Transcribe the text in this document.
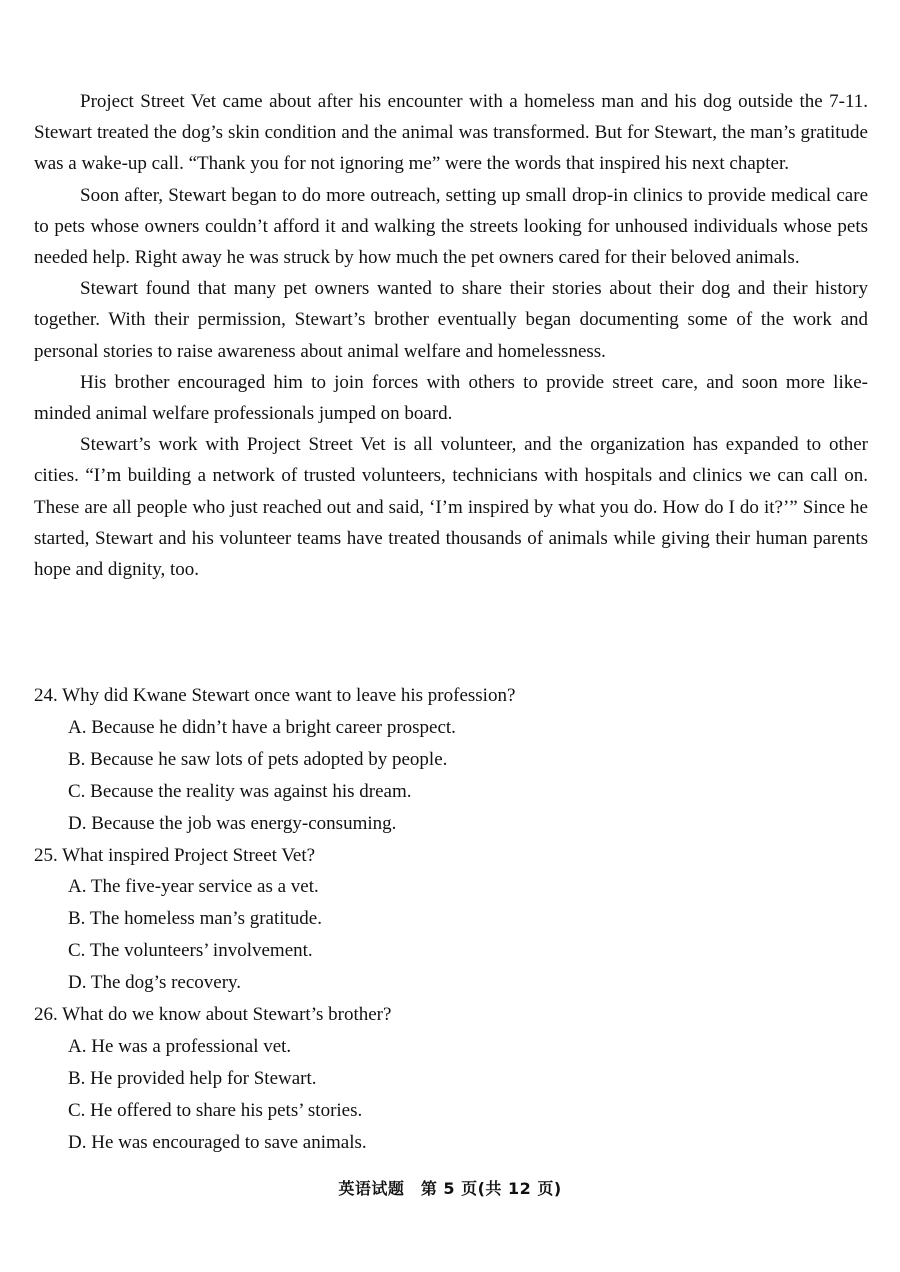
Project Street Vet came about after his encounter with a homeless man and his dog outside the 7-11. Stewart treated the dog’s skin condition and the animal was transformed. But for Stewart, the man’s gratitude was a wake-up call. “Thank you for not ignoring me” were the words that inspired his next chapter.

Soon after, Stewart began to do more outreach, setting up small drop-in clinics to provide medical care to pets whose owners couldn’t afford it and walking the streets looking for unhoused individuals whose pets needed help. Right away he was struck by how much the pet owners cared for their beloved animals.

Stewart found that many pet owners wanted to share their stories about their dog and their history together. With their permission, Stewart’s brother eventually began documenting some of the work and personal stories to raise awareness about animal welfare and homelessness.

His brother encouraged him to join forces with others to provide street care, and soon more like-minded animal welfare professionals jumped on board.

Stewart’s work with Project Street Vet is all volunteer, and the organization has expanded to other cities. “I’m building a network of trusted volunteers, technicians with hospitals and clinics we can call on. These are all people who just reached out and said, ‘I’m inspired by what you do. How do I do it?’” Since he started, Stewart and his volunteer teams have treated thousands of animals while giving their human parents hope and dignity, too.

24. Why did Kwane Stewart once want to leave his profession?
A. Because he didn’t have a bright career prospect.
B. Because he saw lots of pets adopted by people.
C. Because the reality was against his dream.
D. Because the job was energy-consuming.
25. What inspired Project Street Vet?
A. The five-year service as a vet.
B. The homeless man’s gratitude.
C. The volunteers’ involvement.
D. The dog’s recovery.
26. What do we know about Stewart’s brother?
A. He was a professional vet.
B. He provided help for Stewart.
C. He offered to share his pets’ stories.
D. He was encouraged to save animals.
英语试题　第 5 页(共 12 页)
